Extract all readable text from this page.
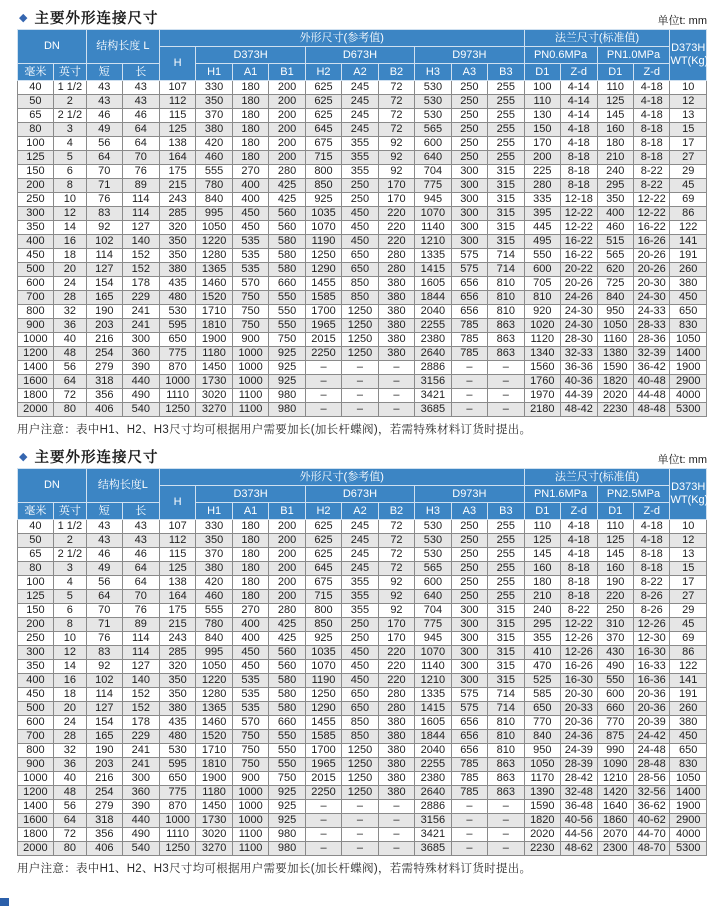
◆ 主要外形连接尺寸	单位t: mm
DN		结构长度 L		外形尺寸(参考值)										法兰尺寸(标准值)				D373H
WT(Kg)

				H	D373H			D673H			D973H			PN0.6MPa		PN1.0MPa		
毫米	英寸	短	长		H1	A1	B1	H2	A2	B2	H3	A3	B3	D1	Z-d	D1	Z-d	
40	1 1/2	43	43	107	330	180	200	625	245	72	530	250	255	100	4-14	110	4-18	10
50	2	43	43	112	350	180	200	625	245	72	530	250	255	110	4-14	125	4-18	12
65	2 1/2	46	46	115	370	180	200	625	245	72	530	250	255	130	4-14	145	4-18	13
80	3	49	64	125	380	180	200	645	245	72	565	250	255	150	4-18	160	8-18	15
100	4	56	64	138	420	180	200	675	355	92	600	250	255	170	4-18	180	8-18	17
125	5	64	70	164	460	180	200	715	355	92	640	250	255	200	8-18	210	8-18	27
150	6	70	76	175	555	270	280	800	355	92	704	300	315	225	8-18	240	8-22	29
200	8	71	89	215	780	400	425	850	250	170	775	300	315	280	8-18	295	8-22	45
250	10	76	114	243	840	400	425	925	250	170	945	300	315	335	12-18	350	12-22	69
300	12	83	114	285	995	450	560	1035	450	220	1070	300	315	395	12-22	400	12-22	86
350	14	92	127	320	1050	450	560	1070	450	220	1140	300	315	445	12-22	460	16-22	122
400	16	102	140	350	1220	535	580	1190	450	220	1210	300	315	495	16-22	515	16-26	141
450	18	114	152	350	1280	535	580	1250	650	280	1335	575	714	550	16-22	565	20-26	191
500	20	127	152	380	1365	535	580	1290	650	280	1415	575	714	600	20-22	620	20-26	260
600	24	154	178	435	1460	570	660	1455	850	380	1605	656	810	705	20-26	725	20-30	380
700	28	165	229	480	1520	750	550	1585	850	380	1844	656	810	810	24-26	840	24-30	450
800	32	190	241	530	1710	750	550	1700	1250	380	2040	656	810	920	24-30	950	24-33	650
900	36	203	241	595	1810	750	550	1965	1250	380	2255	785	863	1020	24-30	1050	28-33	830
1000	40	216	300	650	1900	900	750	2015	1250	380	2380	785	863	1120	28-30	1160	28-36	1050
1200	48	254	360	775	1180	1000	925	2250	1250	380	2640	785	863	1340	32-33	1380	32-39	1400
1400	56	279	390	870	1450	1000	925	–	–	–	2886	–	–	1560	36-36	1590	36-42	1900
1600	64	318	440	1000	1730	1000	925	–	–	–	3156	–	–	1760	40-36	1820	40-48	2900
1800	72	356	490	1110	3020	1100	980	–	–	–	3421	–	–	1970	44-39	2020	44-48	4000
2000	80	406	540	1250	3270	1100	980	–	–	–	3685	–	–	2180	48-42	2230	48-48	5300
用户注意：表中H1、H2、H3尺寸均可根据用户需要加长(加长杆蝶阀)，若需特殊材料订货时提出。
◆ 主要外形连接尺寸	单位t: mm
DN		结构长度L		外形尺寸(参考值)										法兰尺寸(标准值)				D373H
WT(Kg)

				H	D373H			D673H			D973H			PN1.6MPa		PN2.5MPa		
毫米	英寸	短	长		H1	A1	B1	H2	A2	B2	H3	A3	B3	D1	Z-d	D1	Z-d	
40	1 1/2	43	43	107	330	180	200	625	245	72	530	250	255	110	4-18	110	4-18	10
50	2	43	43	112	350	180	200	625	245	72	530	250	255	125	4-18	125	4-18	12
65	2 1/2	46	46	115	370	180	200	625	245	72	530	250	255	145	4-18	145	8-18	13
80	3	49	64	125	380	180	200	645	245	72	565	250	255	160	8-18	160	8-18	15
100	4	56	64	138	420	180	200	675	355	92	600	250	255	180	8-18	190	8-22	17
125	5	64	70	164	460	180	200	715	355	92	640	250	255	210	8-18	220	8-26	27
150	6	70	76	175	555	270	280	800	355	92	704	300	315	240	8-22	250	8-26	29
200	8	71	89	215	780	400	425	850	250	170	775	300	315	295	12-22	310	12-26	45
250	10	76	114	243	840	400	425	925	250	170	945	300	315	355	12-26	370	12-30	69
300	12	83	114	285	995	450	560	1035	450	220	1070	300	315	410	12-26	430	16-30	86
350	14	92	127	320	1050	450	560	1070	450	220	1140	300	315	470	16-26	490	16-33	122
400	16	102	140	350	1220	535	580	1190	450	220	1210	300	315	525	16-30	550	16-36	141
450	18	114	152	350	1280	535	580	1250	650	280	1335	575	714	585	20-30	600	20-36	191
500	20	127	152	380	1365	535	580	1290	650	280	1415	575	714	650	20-33	660	20-36	260
600	24	154	178	435	1460	570	660	1455	850	380	1605	656	810	770	20-36	770	20-39	380
700	28	165	229	480	1520	750	550	1585	850	380	1844	656	810	840	24-36	875	24-42	450
800	32	190	241	530	1710	750	550	1700	1250	380	2040	656	810	950	24-39	990	24-48	650
900	36	203	241	595	1810	750	550	1965	1250	380	2255	785	863	1050	28-39	1090	28-48	830
1000	40	216	300	650	1900	900	750	2015	1250	380	2380	785	863	1170	28-42	1210	28-56	1050
1200	48	254	360	775	1180	1000	925	2250	1250	380	2640	785	863	1390	32-48	1420	32-56	1400
1400	56	279	390	870	1450	1000	925	–	–	–	2886	–	–	1590	36-48	1640	36-62	1900
1600	64	318	440	1000	1730	1000	925	–	–	–	3156	–	–	1820	40-56	1860	40-62	2900
1800	72	356	490	1110	3020	1100	980	–	–	–	3421	–	–	2020	44-56	2070	44-70	4000
2000	80	406	540	1250	3270	1100	980	–	–	–	3685	–	–	2230	48-62	2300	48-70	5300
用户注意：表中H1、H2、H3尺寸均可根据用户需要加长(加长杆蝶阀)，若需特殊材料订货时提出。
